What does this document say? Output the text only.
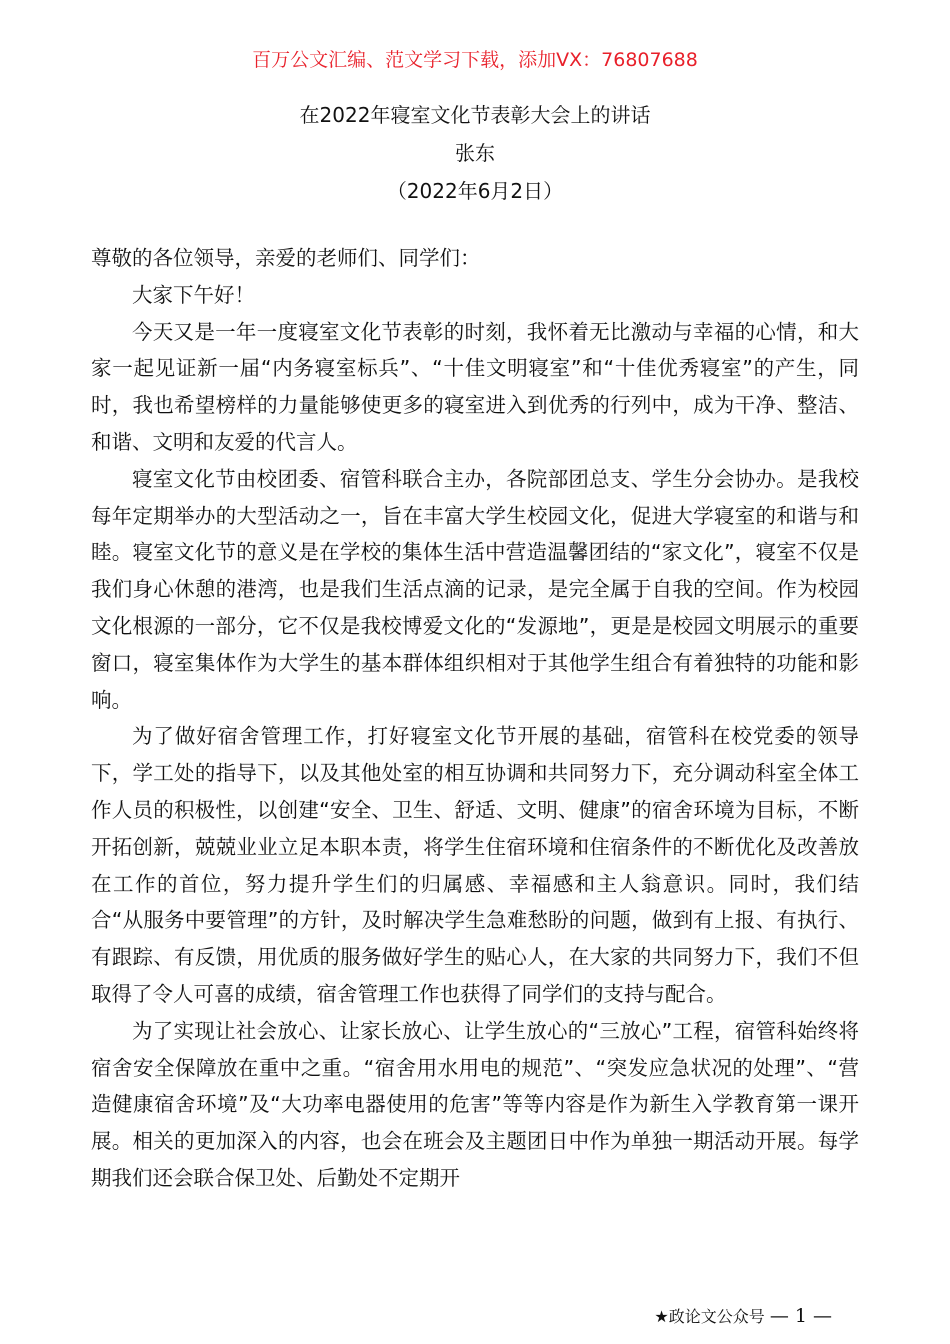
百万公文汇编、范文学习下载，添加VX：76807688
在2022年寝室文化节表彰大会上的讲话
张东
（2022年6月2日）

尊敬的各位领导，亲爱的老师们、同学们：

大家下午好！

今天又是一年一度寝室文化节表彰的时刻，我怀着无比激动与幸福的心情，和大家一起见证新一届“内务寝室标兵”、“十佳文明寝室”和“十佳优秀寝室”的产生，同时，我也希望榜样的力量能够使更多的寝室进入到优秀的行列中，成为干净、整洁、和谐、文明和友爱的代言人。

寝室文化节由校团委、宿管科联合主办，各院部团总支、学生分会协办。是我校每年定期举办的大型活动之一，旨在丰富大学生校园文化，促进大学寝室的和谐与和睦。寝室文化节的意义是在学校的集体生活中营造温馨团结的“家文化”，寝室不仅是我们身心休憩的港湾，也是我们生活点滴的记录，是完全属于自我的空间。作为校园文化根源的一部分，它不仅是我校博爱文化的“发源地”，更是是校园文明展示的重要窗口，寝室集体作为大学生的基本群体组织相对于其他学生组合有着独特的功能和影响。

为了做好宿舍管理工作，打好寝室文化节开展的基础，宿管科在校党委的领导下，学工处的指导下，以及其他处室的相互协调和共同努力下，充分调动科室全体工作人员的积极性，以创建“安全、卫生、舒适、文明、健康”的宿舍环境为目标，不断开拓创新，兢兢业业立足本职本责，将学生住宿环境和住宿条件的不断优化及改善放在工作的首位，努力提升学生们的归属感、幸福感和主人翁意识。同时，我们结合“从服务中要管理”的方针，及时解决学生急难愁盼的问题，做到有上报、有执行、有跟踪、有反馈，用优质的服务做好学生的贴心人，在大家的共同努力下，我们不但取得了令人可喜的成绩，宿舍管理工作也获得了同学们的支持与配合。

为了实现让社会放心、让家长放心、让学生放心的“三放心”工程，宿管科始终将宿舍安全保障放在重中之重。“宿舍用水用电的规范”、“突发应急状况的处理”、“营造健康宿舍环境”及“大功率电器使用的危害”等等内容是作为新生入学教育第一课开展。相关的更加深入的内容，也会在班会及主题团日中作为单独一期活动开展。每学期我们还会联合保卫处、后勤处不定期开

★政论文公众号 — 1 —
